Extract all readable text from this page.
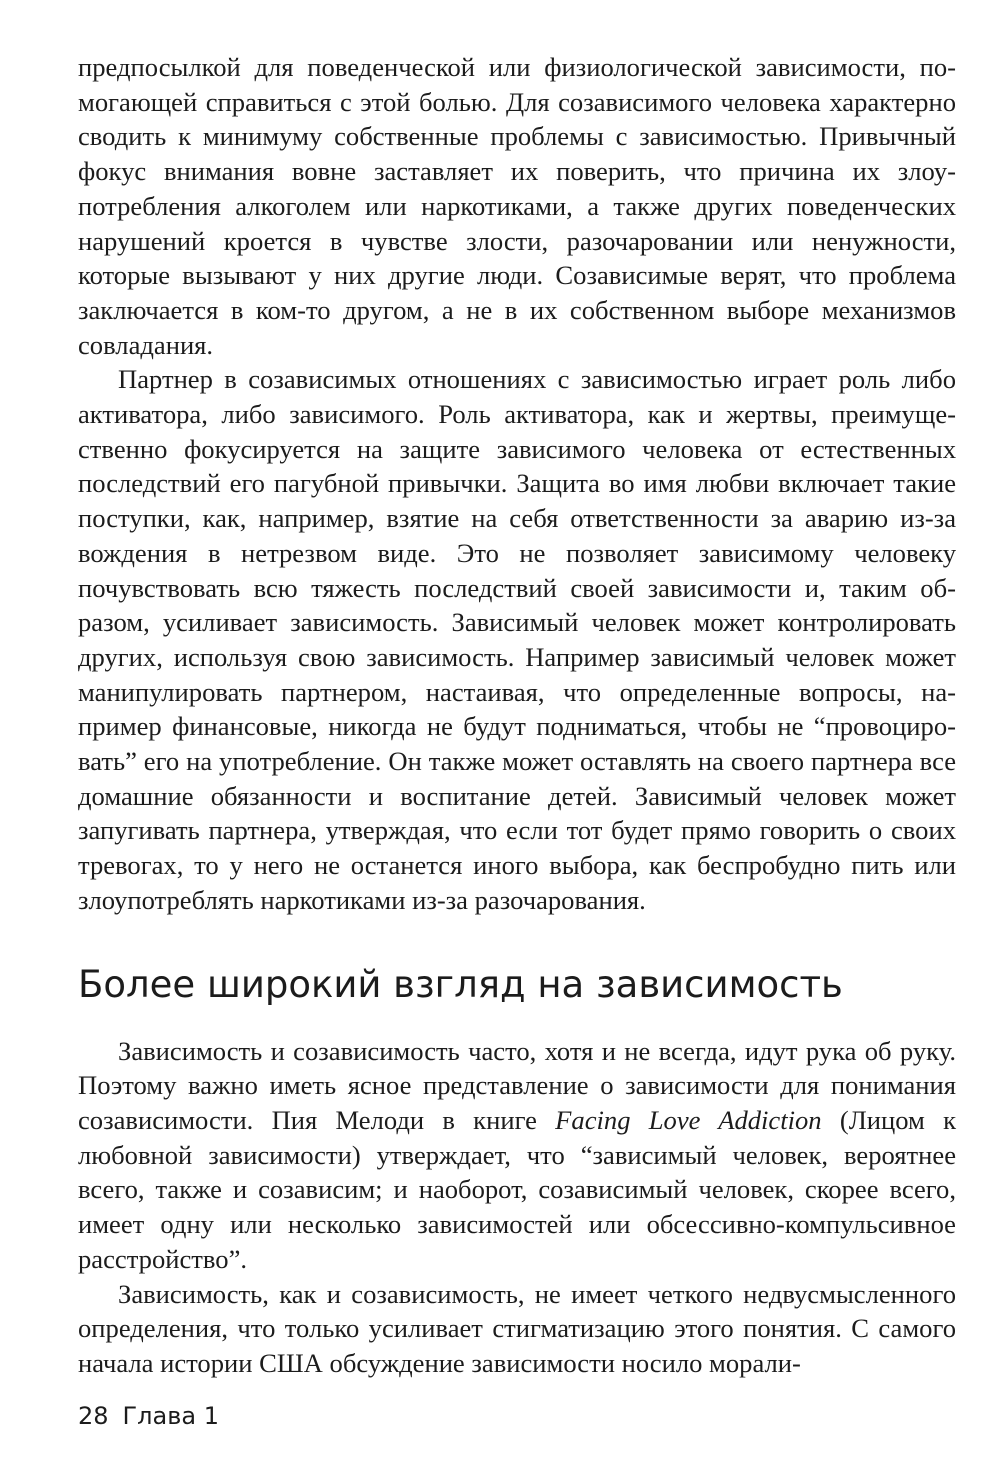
предпосылкой для поведенческой или физиологической зависимости, помогающей справиться с этой болью. Для созависимого человека характерно сводить к минимуму собственные проблемы с зависимостью. Привычный фокус внимания вовне заставляет их поверить, что причина их злоупотребления алкоголем или наркотиками, а также других поведенческих нарушений кроется в чувстве злости, разочаровании или ненужности, которые вызывают у них другие люди. Созависимые верят, что проблема заключается в ком-то другом, а не в их собственном выборе механизмов совладания.

Партнер в созависимых отношениях с зависимостью играет роль либо активатора, либо зависимого. Роль активатора, как и жертвы, преимущественно фокусируется на защите зависимого человека от естественных последствий его пагубной привычки. Защита во имя любви включает такие поступки, как, например, взятие на себя ответственности за аварию из-за вождения в нетрезвом виде. Это не позволяет зависимому человеку почувствовать всю тяжесть последствий своей зависимости и, таким образом, усиливает зависимость. Зависимый человек может контролировать других, используя свою зависимость. Например зависимый человек может манипулировать партнером, настаивая, что определенные вопросы, например финансовые, никогда не будут подниматься, чтобы не “провоцировать” его на употребление. Он также может оставлять на своего партнера все домашние обязанности и воспитание детей. Зависимый человек может запугивать партнера, утверждая, что если тот будет прямо говорить о своих тревогах, то у него не останется иного выбора, как беспробудно пить или злоупотреблять наркотиками из-за разочарования.

Более широкий взгляд на зависимость

Зависимость и созависимость часто, хотя и не всегда, идут рука об руку. Поэтому важно иметь ясное представление о зависимости для понимания созависимости. Пия Мелоди в книге Facing Love Addiction (Лицом к любовной зависимости) утверждает, что “зависимый человек, вероятнее всего, также и созависим; и наоборот, созависимый человек, скорее всего, имеет одну или несколько зависимостей или обсессивно-компульсивное расстройство”.

Зависимость, как и созависимость, не имеет четкого недвусмысленного определения, что только усиливает стигматизацию этого понятия. С самого начала истории США обсуждение зависимости носило морали-

28 Глава 1
